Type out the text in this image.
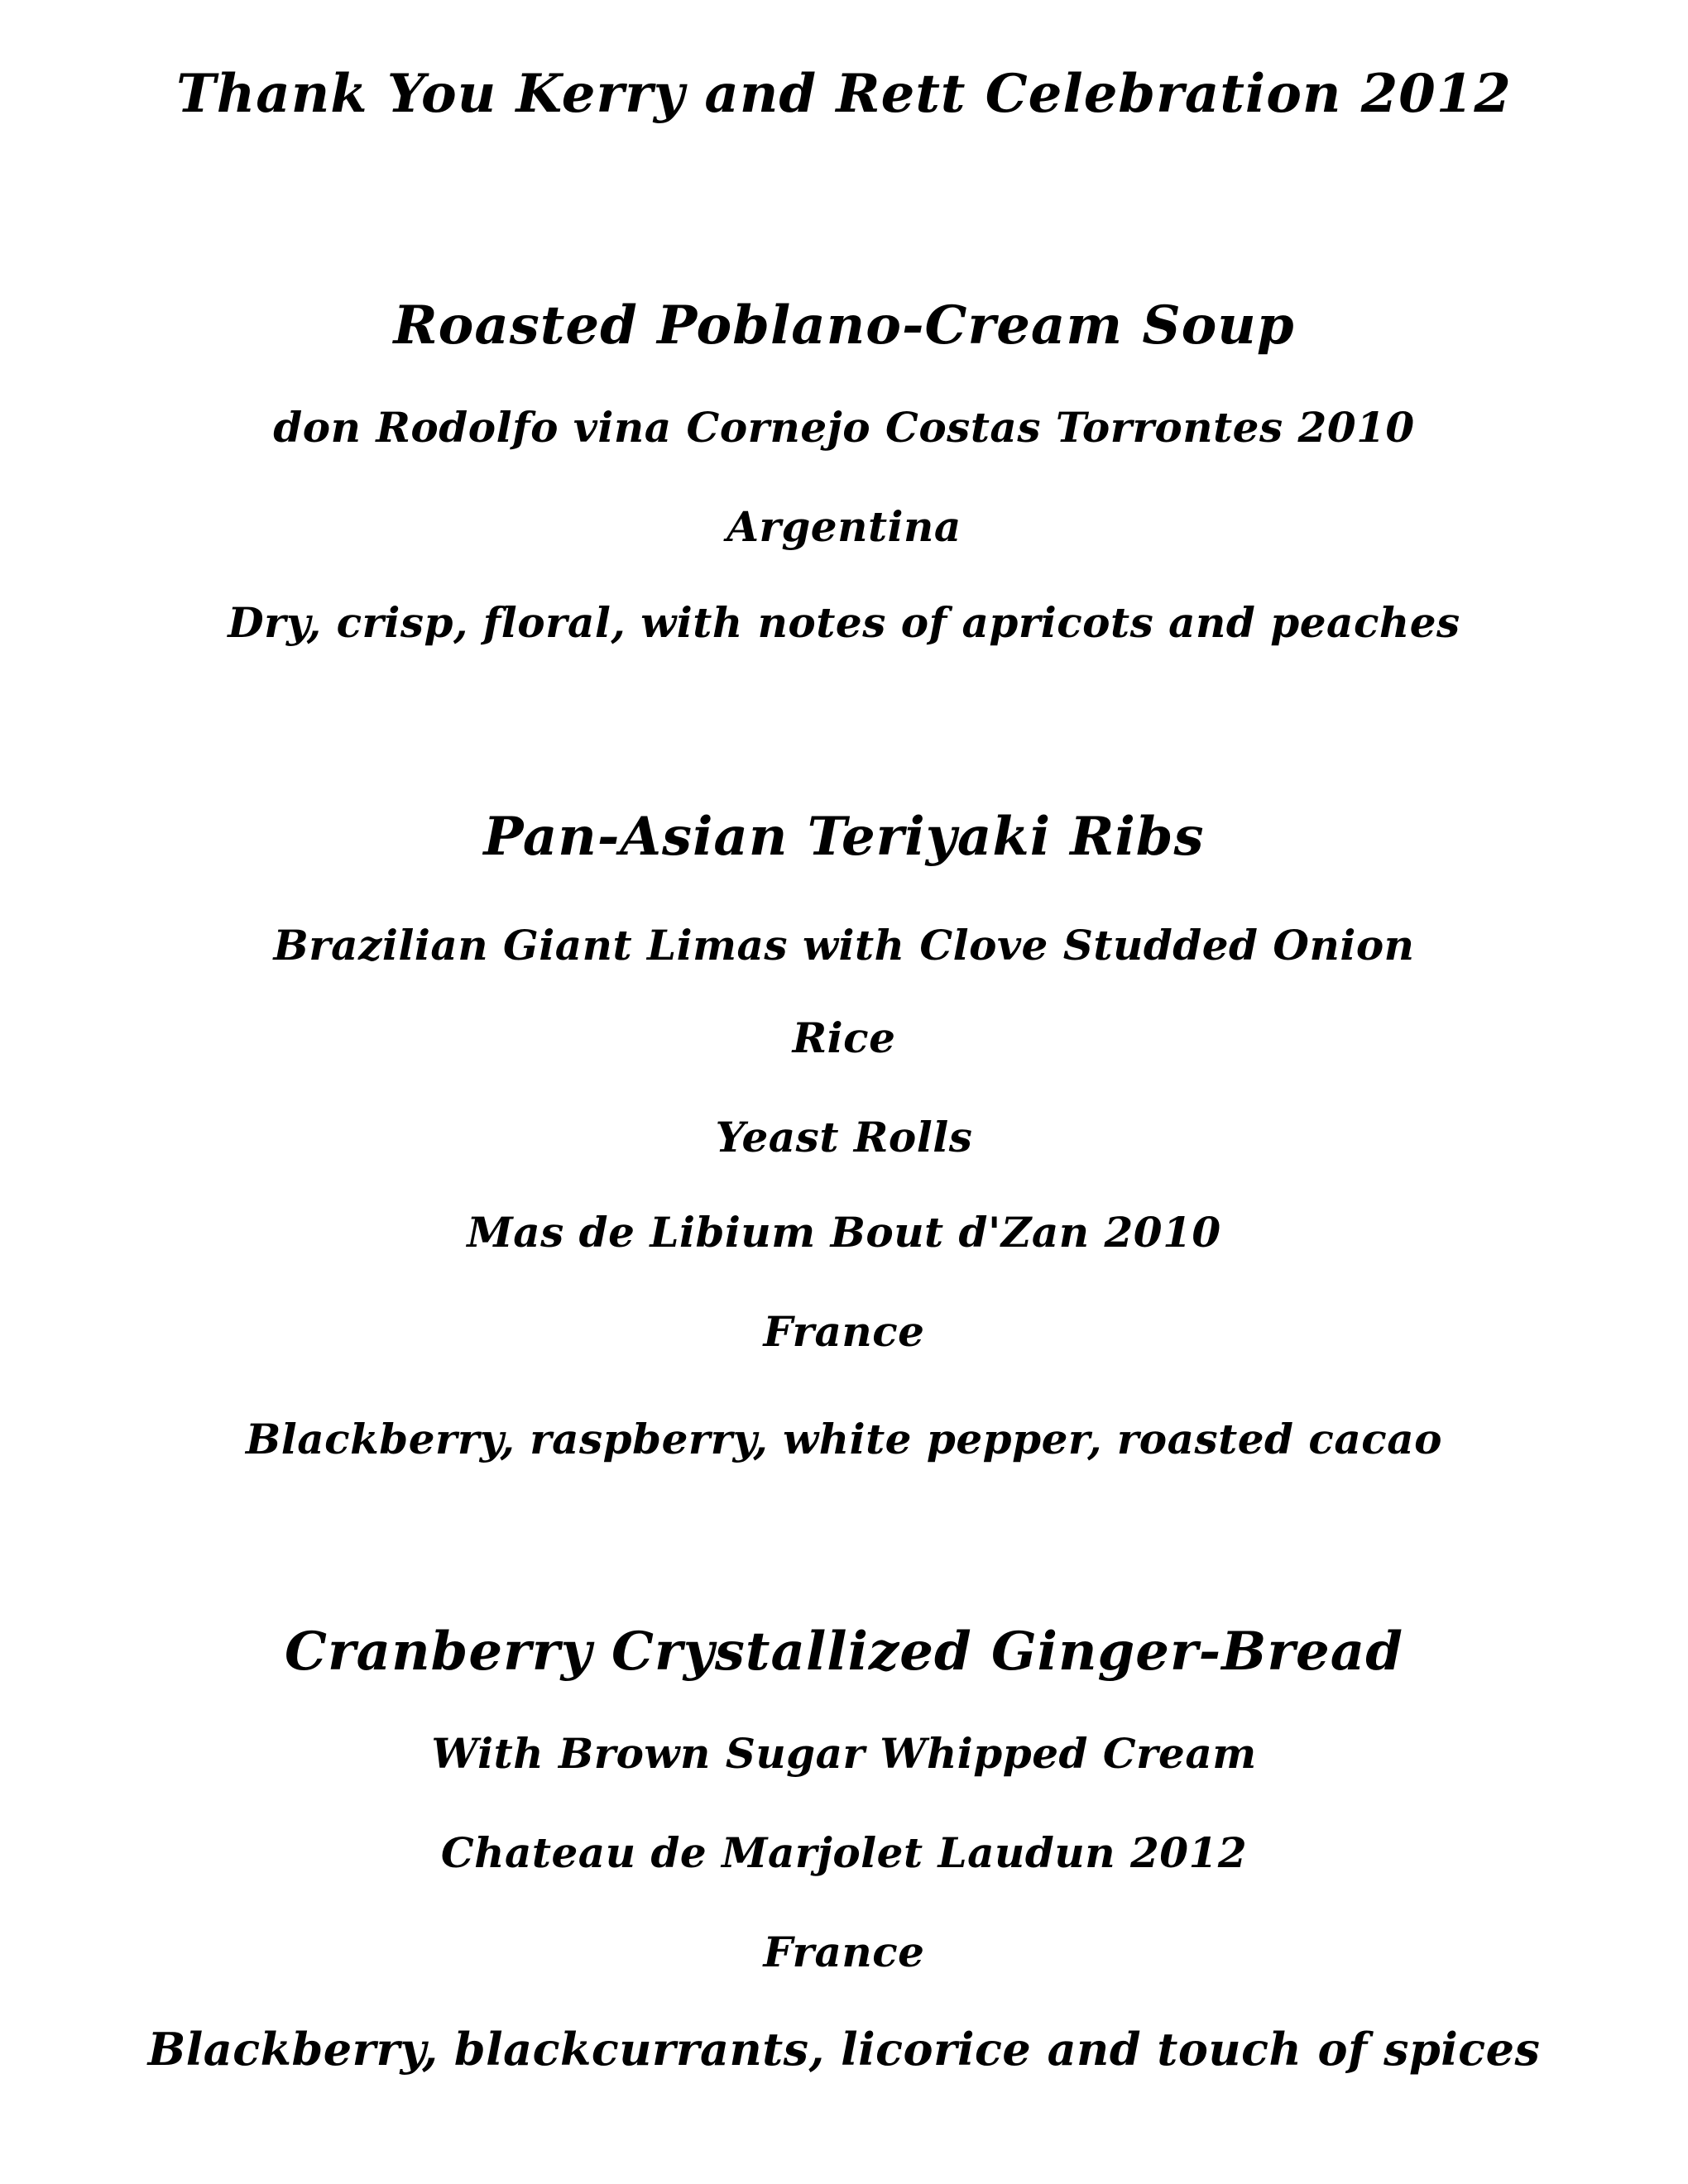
Thank You Kerry and Rett Celebration 2012
Roasted Poblano-Cream Soup
don Rodolfo vina Cornejo Costas Torrontes 2010
Argentina
Dry, crisp, floral, with notes of apricots and peaches
Pan-Asian Teriyaki Ribs
Brazilian Giant Limas with Clove Studded Onion
Rice
Yeast Rolls
Mas de Libium Bout d'Zan 2010
France
Blackberry, raspberry, white pepper, roasted cacao
Cranberry Crystallized Ginger-Bread
With Brown Sugar Whipped Cream
Chateau de Marjolet Laudun 2012
France
Blackberry, blackcurrants, licorice and touch of spices
